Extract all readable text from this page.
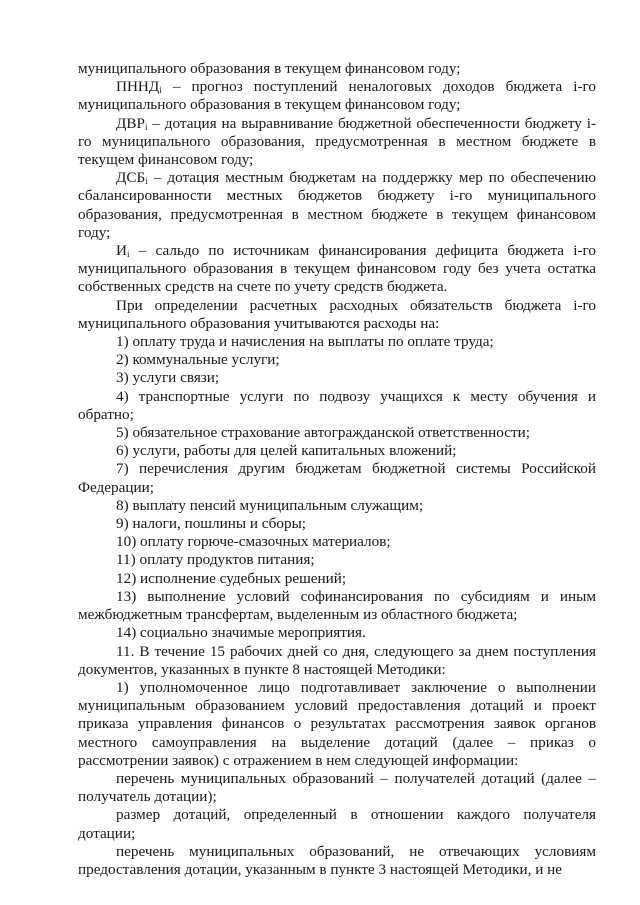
муниципального образования в текущем финансовом году;

$ПННД_i$ – прогноз поступлений неналоговых доходов бюджета i-го муниципального образования в текущем финансовом году;

$ДВР_i$ – дотация на выравнивание бюджетной обеспеченности бюджету i-го муниципального образования, предусмотренная в местном бюджете в текущем финансовом году;

$ДСБ_i$ – дотация местным бюджетам на поддержку мер по обеспечению сбалансированности местных бюджетов бюджету i-го муниципального образования, предусмотренная в местном бюджете в текущем финансовом году;

$И_i$ – сальдо по источникам финансирования дефицита бюджета i-го муниципального образования в текущем финансовом году без учета остатка собственных средств на счете по учету средств бюджета.

При определении расчетных расходных обязательств бюджета i-го муниципального образования учитываются расходы на:

1) оплату труда и начисления на выплаты по оплате труда;

2) коммунальные услуги;

3) услуги связи;

4) транспортные услуги по подвозу учащихся к месту обучения и обратно;

5) обязательное страхование автогражданской ответственности;

6) услуги, работы для целей капитальных вложений;

7) перечисления другим бюджетам бюджетной системы Российской Федерации;

8) выплату пенсий муниципальным служащим;

9) налоги, пошлины и сборы;

10) оплату горюче-смазочных материалов;

11) оплату продуктов питания;

12) исполнение судебных решений;

13) выполнение условий софинансирования по субсидиям и иным межбюджетным трансфертам, выделенным из областного бюджета;

14) социально значимые мероприятия.

11. В течение 15 рабочих дней со дня, следующего за днем поступления документов, указанных в пункте 8 настоящей Методики:

1) уполномоченное лицо подготавливает заключение о выполнении муниципальным образованием условий предоставления дотаций и проект приказа управления финансов о результатах рассмотрения заявок органов местного самоуправления на выделение дотаций (далее – приказ о рассмотрении заявок) с отражением в нем следующей информации:

перечень муниципальных образований – получателей дотаций (далее – получатель дотации);

размер дотаций, определенный в отношении каждого получателя дотации;

перечень муниципальных образований, не отвечающих условиям предоставления дотации, указанным в пункте 3 настоящей Методики, и не
